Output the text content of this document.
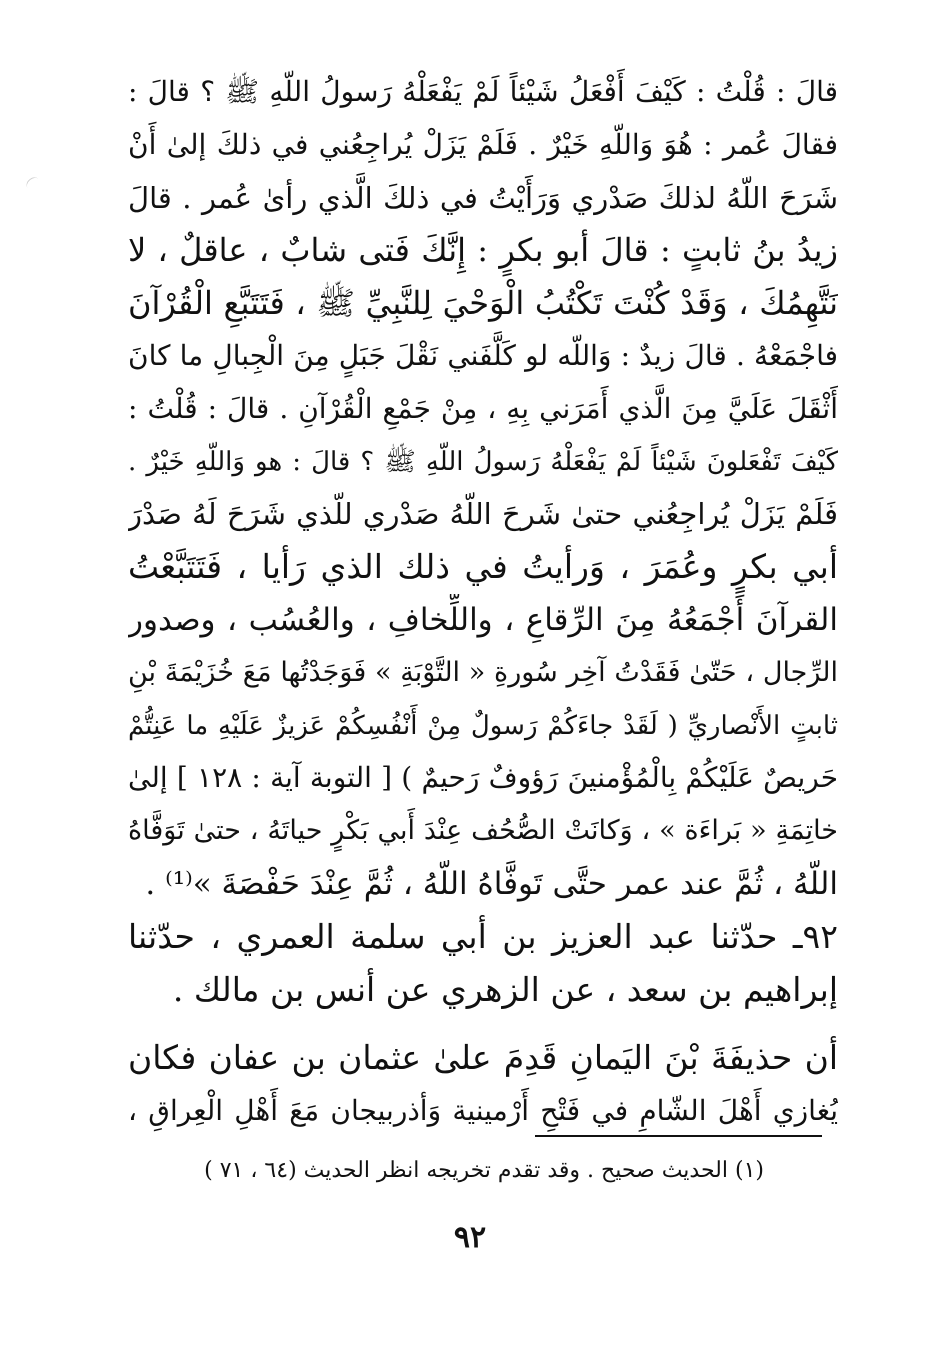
قالَ : قُلْتُ : كَيْفَ أَفْعَلُ شَيْئاً لَمْ يَفْعَلْهُ رَسولُ اللّهِ ﷺ ؟ قالَ :
فقالَ عُمر : هُوَ وَاللّهِ خَيْرٌ . فَلَمْ يَزَلْ يُراجِعُني في ذلكَ إلىٰ أَنْ
شَرَحَ اللّهُ لذلكَ صَدْري وَرَأَيْتُ في ذلكَ الَّذي رأىٰ عُمر . قالَ
زيدُ بنُ ثابتٍ : قالَ أبو بكرٍ : إِنَّكَ فَتى شابٌ ، عاقلٌ ، لا
نَتَّهِمُكَ ، وَقَدْ كُنْتَ تَكْتُبُ الْوَحْيَ لِلنَّبِيِّ ﷺ ، فَتَتَبَّعِ الْقُرْآنَ
فاجْمَعْهُ . قالَ زيدٌ : وَاللّه لو كَلَّفَني نَقْلَ جَبَلٍ مِنَ الْجِبالِ ما كانَ
أَثْقَلَ عَلَيَّ مِنَ الَّذي أَمَرَني بِهِ ، مِنْ جَمْعِ الْقُرْآنِ . قالَ : قُلْتُ :
كَيْفَ تَفْعَلونَ شَيْئاً لَمْ يَفْعَلْهُ رَسولُ اللّهِ ﷺ ؟ قالَ : هو وَاللّهِ خَيْرٌ .
فَلَمْ يَزَلْ يُراجِعُني حتىٰ شَرحَ اللّهُ صَدْري للّذي شَرَحَ لَهُ صَدْرَ
أبي بكرٍ وعُمَرَ ، وَرأيتُ في ذلك الذي رَأيا ، فَتَتَبَّعْتُ
القرآنَ أَجْمَعُهُ مِنَ الرِّقاعِ ، واللِّخافِ ، والعُسُب ، وصدور
الرِّجال ، حَتّىٰ فَقَدْتُ آخِر سُورةِ « التَّوْبَةِ » فَوَجَدْتُها مَعَ خُزَيْمَةَ بْنِ
ثابتٍ الأَنْصاريِّ ( لَقَدْ جاءَكُمْ رَسولٌ مِنْ أَنْفُسِكُمْ عَزيزٌ عَلَيْهِ ما عَنِتُّمْ
حَريصٌ عَلَيْكُمْ بِالْمُؤْمنينَ رَؤوفٌ رَحيمٌ ) [ التوبة آية : ١٢٨ ] إلىٰ
خاتِمَةِ « بَراءَة » ، وَكانَتْ الصُّحُف عِنْدَ أَبي بَكْرٍ حياتَهُ ، حتىٰ تَوَفَّاهُ
اللّهُ ، ثُمَّ عند عمر حتَّى تَوفَّاهُ اللّهُ ، ثُمَّ عِنْدَ حَفْصَةَ »⁽¹⁾ .
٩٢ـ حدّثنا عبد العزيز بن أبي سلمة العمري ، حدّثنا
إبراهيم بن سعد ، عن الزهري عن أنس بن مالك .
أن حذيفَةَ بْنَ اليَمانِ قَدِمَ علىٰ عثمان بن عفان فكان
يُغازي أَهْلَ الشّامِ في فَتْحِ أَرْمينية وَأذربيجان مَعَ أَهْلِ الْعِراقِ ،
(١) الحديث صحيح . وقد تقدم تخريجه انظر الحديث (٦٤ ، ٧١ )
٩٢
